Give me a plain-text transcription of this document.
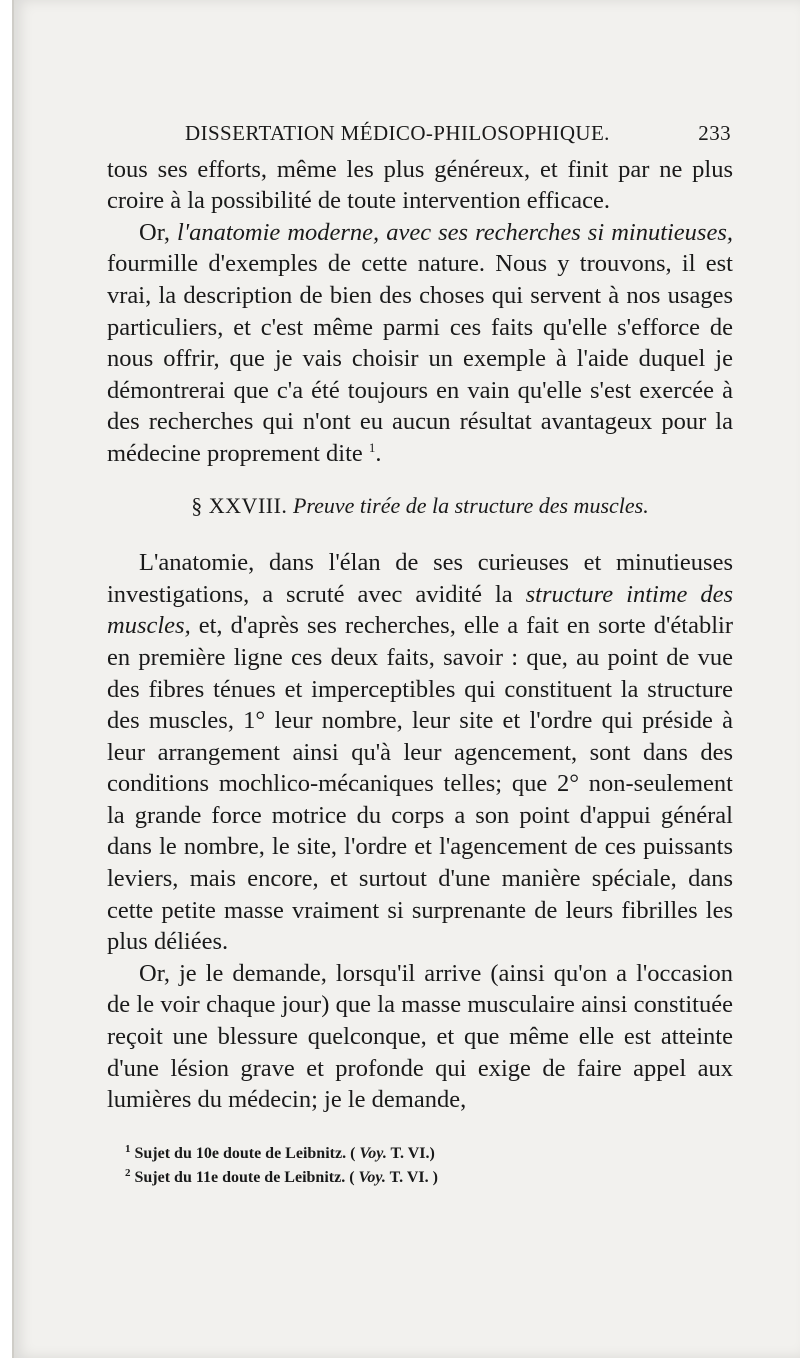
DISSERTATION MÉDICO-PHILOSOPHIQUE.	233

tous ses efforts, même les plus généreux, et finit par ne plus croire à la possibilité de toute intervention efficace.

Or, l'anatomie moderne, avec ses recherches si minutieuses, fourmille d'exemples de cette nature. Nous y trouvons, il est vrai, la description de bien des choses qui servent à nos usages particuliers, et c'est même parmi ces faits qu'elle s'efforce de nous offrir, que je vais choisir un exemple à l'aide duquel je démontrerai que c'a été toujours en vain qu'elle s'est exercée à des recherches qui n'ont eu aucun résultat avantageux pour la médecine proprement dite $^1$.

§ XXVIII. Preuve tirée de la structure des muscles.

L'anatomie, dans l'élan de ses curieuses et minutieuses investigations, a scruté avec avidité la structure intime des muscles, et, d'après ses recherches, elle a fait en sorte d'établir en première ligne ces deux faits, savoir : que, au point de vue des fibres ténues et imperceptibles qui constituent la structure des muscles, 1° leur nombre, leur site et l'ordre qui préside à leur arrangement ainsi qu'à leur agencement, sont dans des conditions mochlico-mécaniques telles; que 2° non-seulement la grande force motrice du corps a son point d'appui général dans le nombre, le site, l'ordre et l'agencement de ces puissants leviers, mais encore, et surtout d'une manière spéciale, dans cette petite masse vraiment si surprenante de leurs fibrilles les plus déliées.

Or, je le demande, lorsqu'il arrive (ainsi qu'on a l'occasion de le voir chaque jour) que la masse musculaire ainsi constituée reçoit une blessure quelconque, et que même elle est atteinte d'une lésion grave et profonde qui exige de faire appel aux lumières du médecin; je le demande,

$^1$ Sujet du 10e doute de Leibnitz. ( Voy. T. VI.)
$^2$ Sujet du 11e doute de Leibnitz. ( Voy. T. VI. )
